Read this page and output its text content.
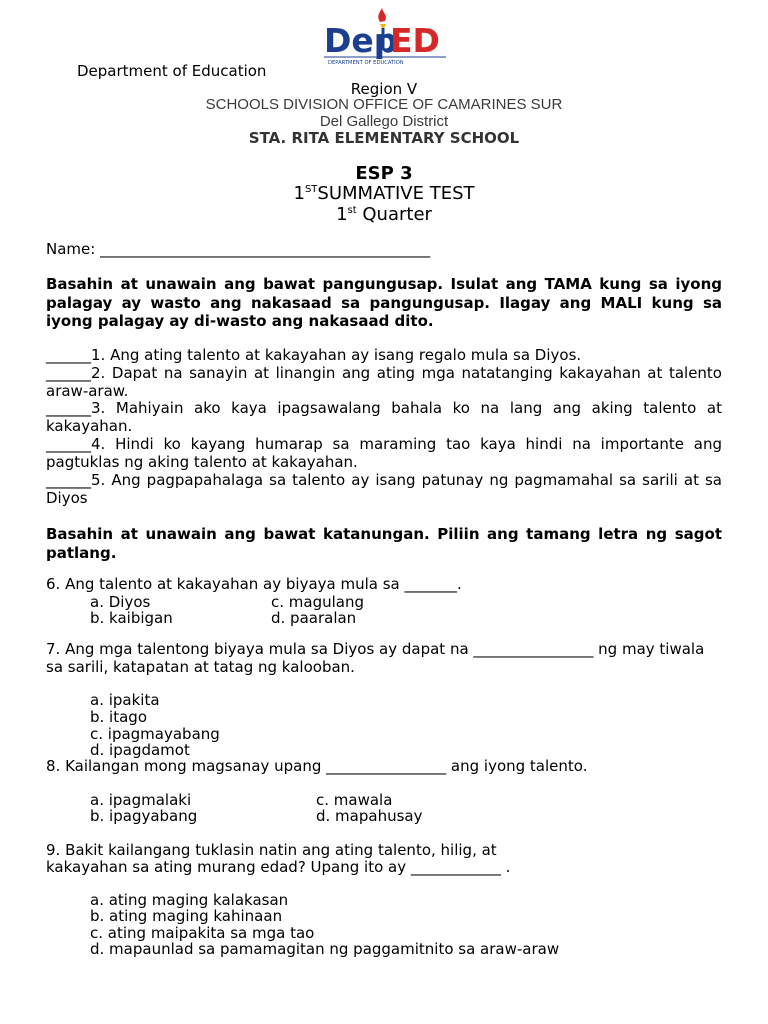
Dep
ED
DEPARTMENT OF EDUCATION
Department of Education
Region V
SCHOOLS DIVISION OFFICE OF CAMARINES SUR
Del Gallego District
STA. RITA ELEMENTARY SCHOOL
ESP 3
1STSUMMATIVE TEST
1st Quarter
Name: ____________________________________________
Basahin at unawain ang bawat pangungusap. Isulat ang TAMA kung sa iyong palagay ay wasto ang nakasaad sa pangungusap. Ilagay ang MALI kung sa iyong palagay ay di-wasto ang nakasaad dito.
______1. Ang ating talento at kakayahan ay isang regalo mula sa Diyos.
______2. Dapat na sanayin at linangin ang ating mga natatanging kakayahan at talento araw-araw.
______3. Mahiyain ako kaya ipagsawalang bahala ko na lang ang aking talento at kakayahan.
______4. Hindi ko kayang humarap sa maraming tao kaya hindi na importante ang pagtuklas ng aking talento at kakayahan.
______5. Ang pagpapahalaga sa talento ay isang patunay ng pagmamahal sa sarili at sa Diyos
Basahin at unawain ang bawat katanungan. Piliin ang tamang letra ng sagot patlang.
6. Ang talento at kakayahan ay biyaya mula sa _______.
a. Diyos	c. magulang
b. kaibigan	d. paaralan
7. Ang mga talentong biyaya mula sa Diyos ay dapat na ________________ ng may tiwala sa sarili, katapatan at tatag ng kalooban.
a. ipakita
b. itago
c. ipagmayabang
d. ipagdamot
8. Kailangan mong magsanay upang ________________ ang iyong talento.
a. ipagmalaki	c. mawala
b. ipagyabang	d. mapahusay
9. Bakit kailangang tuklasin natin ang ating talento, hilig, at
kakayahan sa ating murang edad? Upang ito ay ____________ .
a. ating maging kalakasan
b. ating maging kahinaan
c. ating maipakita sa mga tao
d. mapaunlad sa pamamagitan ng paggamitnito sa araw-araw
